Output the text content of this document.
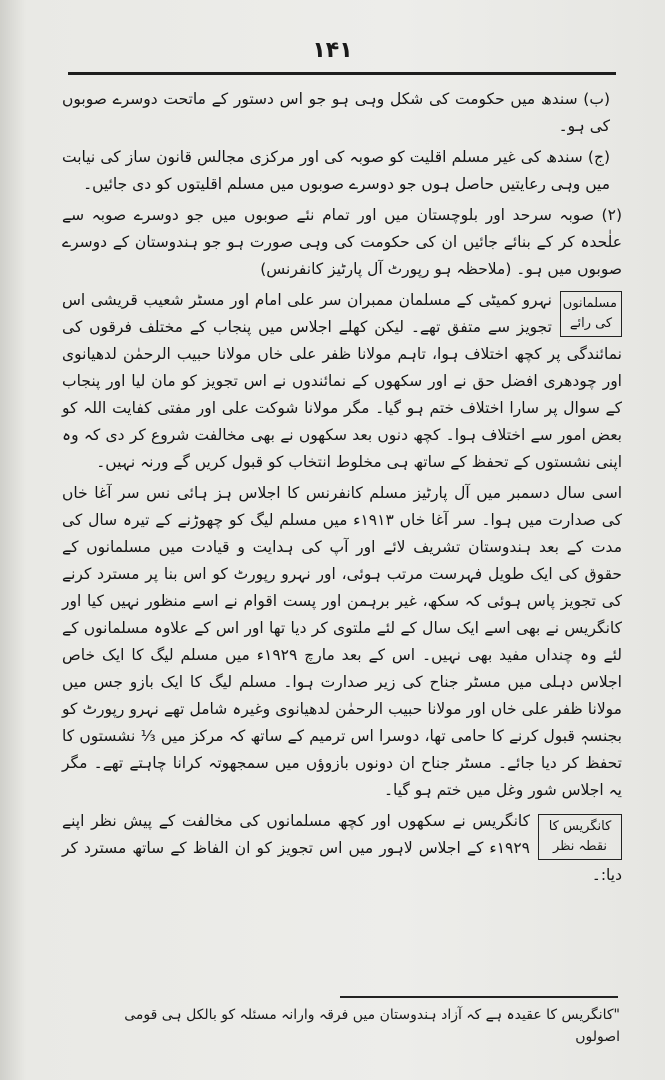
۱۴۱

(ب) سندھ میں حکومت کی شکل وہی ہو جو اس دستور کے ماتحت دوسرے صوبوں کی ہو۔

(ج) سندھ کی غیر مسلم اقلیت کو صوبہ کی اور مرکزی مجالس قانون ساز کی نیابت میں وہی رعایتیں حاصل ہوں جو دوسرے صوبوں میں مسلم اقلیتوں کو دی جائیں۔

(۲) صوبہ سرحد اور بلوچستان میں اور تمام نئے صوبوں میں جو دوسرے صوبہ سے علٰحدہ کر کے بنائے جائیں ان کی حکومت کی وہی صورت ہو جو ہندوستان کے دوسرے صوبوں میں ہو۔ (ملاحظہ ہو رپورٹ آل پارٹیز کانفرنس)

مسلمانوں کی رائے
نہرو کمیٹی کے مسلمان ممبران سر علی امام اور مسٹر شعیب قریشی اس تجویز سے متفق تھے۔ لیکن کھلے اجلاس میں پنجاب کے مختلف فرقوں کی نمائندگی پر کچھ اختلاف ہوا، تاہم مولانا ظفر علی خاں مولانا حبیب الرحمٰن لدھیانوی اور چودھری افضل حق نے اور سکھوں کے نمائندوں نے اس تجویز کو مان لیا اور پنجاب کے سوال پر سارا اختلاف ختم ہو گیا۔ مگر مولانا شوکت علی اور مفتی کفایت اللہ کو بعض امور سے اختلاف ہوا۔ کچھ دنوں بعد سکھوں نے بھی مخالفت شروع کر دی کہ وہ اپنی نشستوں کے تحفظ کے ساتھ ہی مخلوط انتخاب کو قبول کریں گے ورنہ نہیں۔

اسی سال دسمبر میں آل پارٹیز مسلم کانفرنس کا اجلاس ہز ہائی نس سر آغا خاں کی صدارت میں ہوا۔ سر آغا خاں ۱۹۱۳ء میں مسلم لیگ کو چھوڑنے کے تیرہ سال کی مدت کے بعد ہندوستان تشریف لائے اور آپ کی ہدایت و قیادت میں مسلمانوں کے حقوق کی ایک طویل فہرست مرتب ہوئی، اور نہرو رپورٹ کو اس بنا پر مسترد کرنے کی تجویز پاس ہوئی کہ سکھ، غیر برہمن اور پست اقوام نے اسے منظور نہیں کیا اور کانگریس نے بھی اسے ایک سال کے لئے ملتوی کر دیا تھا اور اس کے علاوہ مسلمانوں کے لئے وہ چنداں مفید بھی نہیں۔ اس کے بعد مارچ ۱۹۲۹ء میں مسلم لیگ کا ایک خاص اجلاس دہلی میں مسٹر جناح کی زیر صدارت ہوا۔ مسلم لیگ کا ایک بازو جس میں مولانا ظفر علی خاں اور مولانا حبیب الرحمٰن لدھیانوی وغیرہ شامل تھے نہرو رپورٹ کو بجنسہٖ قبول کرنے کا حامی تھا، دوسرا اس ترمیم کے ساتھ کہ مرکز میں ⅓ نشستوں کا تحفظ کر دیا جائے۔ مسٹر جناح ان دونوں بازوؤں میں سمجھوتہ کرانا چاہتے تھے۔ مگر یہ اجلاس شور وغل میں ختم ہو گیا۔

کانگریس کا نقطہ نظر
کانگریس نے سکھوں اور کچھ مسلمانوں کی مخالفت کے پیش نظر اپنے ۱۹۲۹ء کے اجلاس لاہور میں اس تجویز کو ان الفاظ کے ساتھ مسترد کر دیا:۔

"کانگریس کا عقیدہ ہے کہ آزاد ہندوستان میں فرقہ وارانہ مسئلہ کو بالکل ہی قومی اصولوں
